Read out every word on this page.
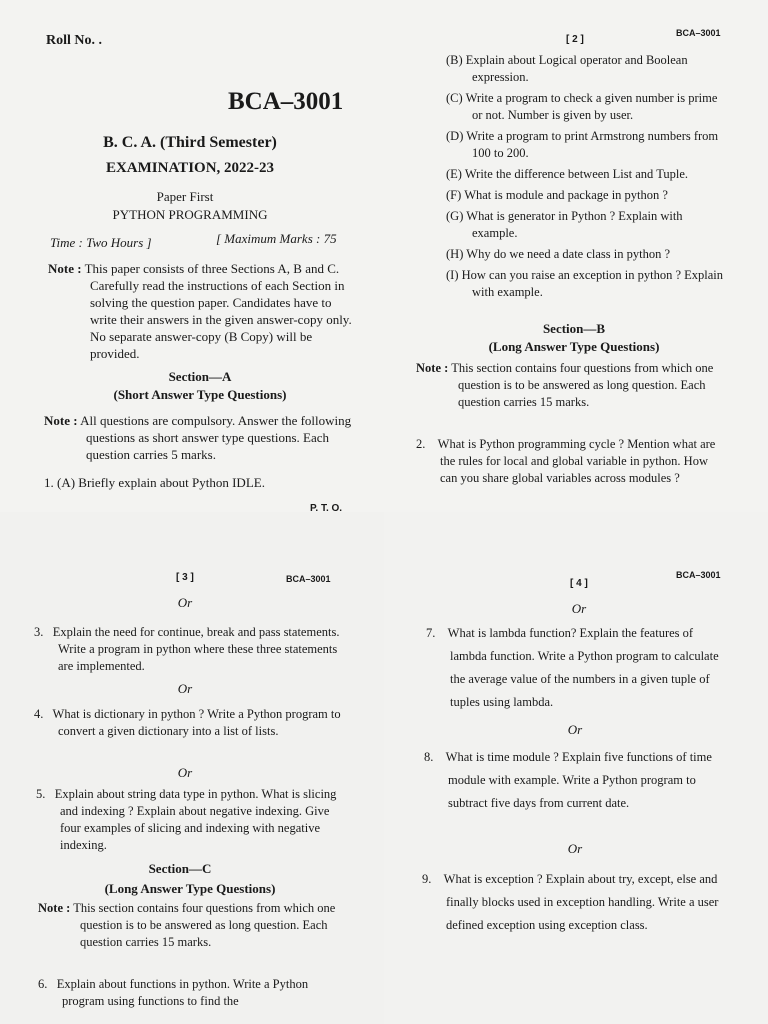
Roll No. .
BCA–3001
B. C. A. (Third Semester)
EXAMINATION, 2022-23
Paper First
PYTHON PROGRAMMING
Time : Two Hours ]	[ Maximum Marks : 75
Note : This paper consists of three Sections A, B and C. Carefully read the instructions of each Section in solving the question paper. Candidates have to write their answers in the given answer-copy only. No separate answer-copy (B Copy) will be provided.
Section—A
(Short Answer Type Questions)
Note : All questions are compulsory. Answer the following questions as short answer type questions. Each question carries 5 marks.
1. (A) Briefly explain about Python IDLE.
P. T. O.
[ 2 ]
BCA–3001
(B) Explain about Logical operator and Boolean expression.
(C) Write a program to check a given number is prime or not. Number is given by user.
(D) Write a program to print Armstrong numbers from 100 to 200.
(E) Write the difference between List and Tuple.
(F) What is module and package in python ?
(G) What is generator in Python ? Explain with example.
(H) Why do we need a date class in python ?
(I) How can you raise an exception in python ? Explain with example.
Section—B
(Long Answer Type Questions)
Note : This section contains four questions from which one question is to be answered as long question. Each question carries 15 marks.
2.    What is Python programming cycle ? Mention what are the rules for local and global variable in python. How can you share global variables across modules ?
[ 3 ]	BCA–3001
Or
3.   Explain the need for continue, break and pass statements. Write a program in python where these three statements are implemented.
Or
4.   What is dictionary in python ? Write a Python program to convert a given dictionary into a list of lists.
Or
5.   Explain about string data type in python. What is slicing and indexing ? Explain about negative indexing. Give four examples of slicing and indexing with negative indexing.
Section—C
(Long Answer Type Questions)
Note : This section contains four questions from which one question is to be answered as long question. Each question carries 15 marks.
6.   Explain about functions in python. Write a Python program using functions to find the
[ 4 ]
BCA–3001
Or
7.    What is lambda function? Explain the features of lambda function. Write a Python program to calculate the average value of the numbers in a given tuple of tuples using lambda.
Or
8.    What is time module ? Explain five functions of time module with example. Write a Python program to subtract five days from current date.
Or
9.    What is exception ? Explain about try, except, else and finally blocks used in exception handling. Write a user defined exception using exception class.
